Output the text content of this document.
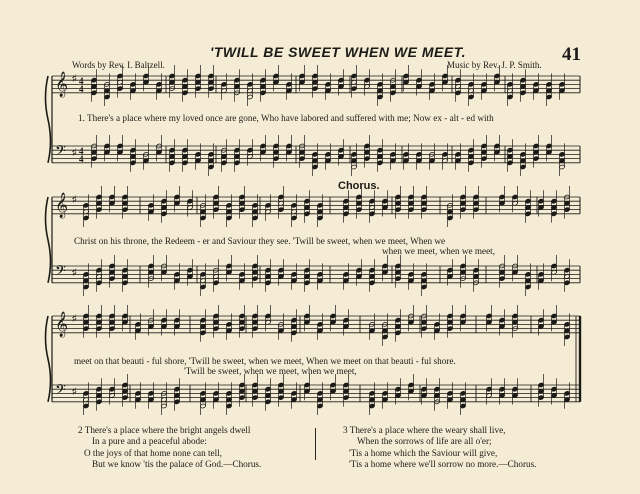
𝄞
𝄢
♯
♯
4
4
4
4
𝄞
𝄢
♯
♯
𝄞
𝄢
♯
♯
'TWILL BE SWEET WHEN WE MEET.	41
Words by Rev. I. Baltzell.	Music by Rev. J. P. Smith.
1. There's a place where my loved once are gone, Who have labored and suffered with me; Now ex - alt - ed with
Chorus.
Christ on his throne, the Redeem - er and Saviour they see. 'Twill be sweet, when we meet, When we
when we meet, when we meet,
meet on that beauti - ful shore, 'Twill be sweet, when we meet, When we meet on that beauti - ful shore.
'Twill be sweet, when we meet, when we meet,
2 There's a place where the bright angels dwell
In a pure and a peaceful abode:
O the joys of that home none can tell,
But we know 'tis the palace of God.—Chorus.
3 There's a place where the weary shall live,
When the sorrows of life are all o'er;
'Tis a home which the Saviour will give,
'Tis a home where we'll sorrow no more.—Chorus.
